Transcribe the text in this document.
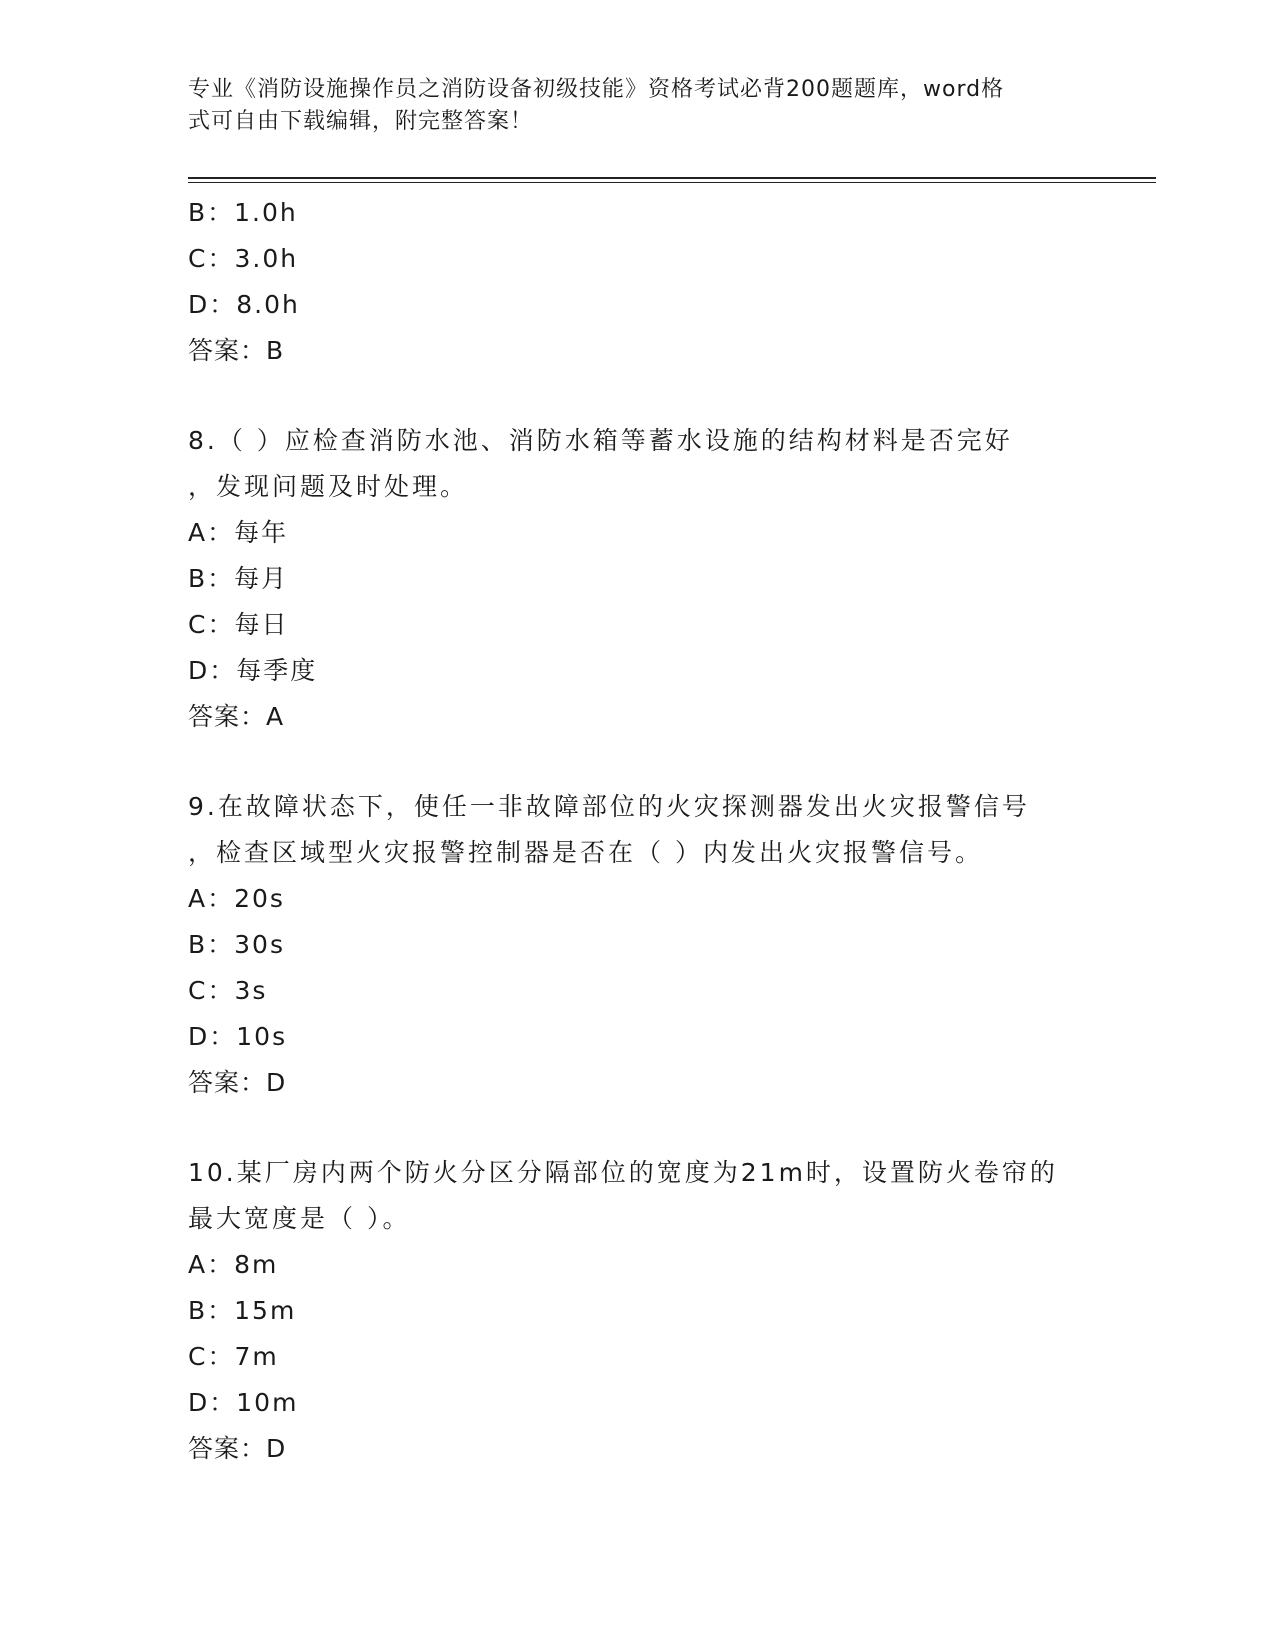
专业《消防设施操作员之消防设备初级技能》资格考试必背200题题库，word格
式可自由下载编辑，附完整答案！
B：1.0h
C：3.0h
D：8.0h
答案：B
8.（ ）应检查消防水池、消防水箱等蓄水设施的结构材料是否完好
，发现问题及时处理。
A：每年
B：每月
C：每日
D：每季度
答案：A
9.在故障状态下，使任一非故障部位的火灾探测器发出火灾报警信号
，检查区域型火灾报警控制器是否在（ ）内发出火灾报警信号。
A：20s
B：30s
C：3s
D：10s
答案：D
10.某厂房内两个防火分区分隔部位的宽度为21m时，设置防火卷帘的
最大宽度是（ ）。
A：8m
B：15m
C：7m
D：10m
答案：D
